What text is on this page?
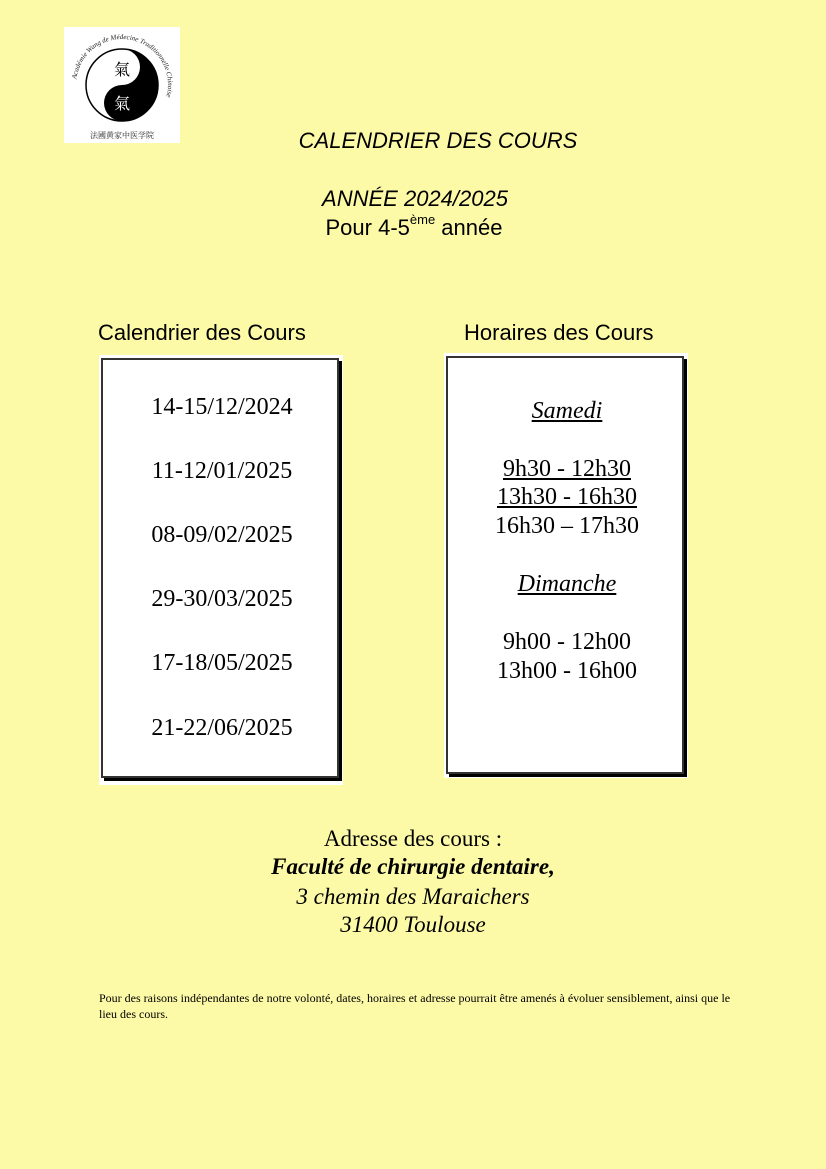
Académie Wang de Médecine Traditionnelle Chinoise
氣
氣
法國黄家中医学院	CALENDRIER DES COURS
ANNÉE 2024/2025
Pour 4-5ème année
Calendrier des Cours	Horaires des Cours
14-15/12/2024
11-12/01/2025
08-09/02/2025
29-30/03/2025
17-18/05/2025
21-22/06/2025
Samedi
9h30 - 12h30
13h30 - 16h30
16h30 – 17h30
Dimanche
9h00 - 12h00
13h00 - 16h00
Adresse des cours :
Faculté de chirurgie dentaire,
3 chemin des Maraichers
31400 Toulouse
Pour des raisons indépendantes de notre volonté, dates, horaires et adresse pourrait être amenés à évoluer sensiblement, ainsi que le lieu des cours.
